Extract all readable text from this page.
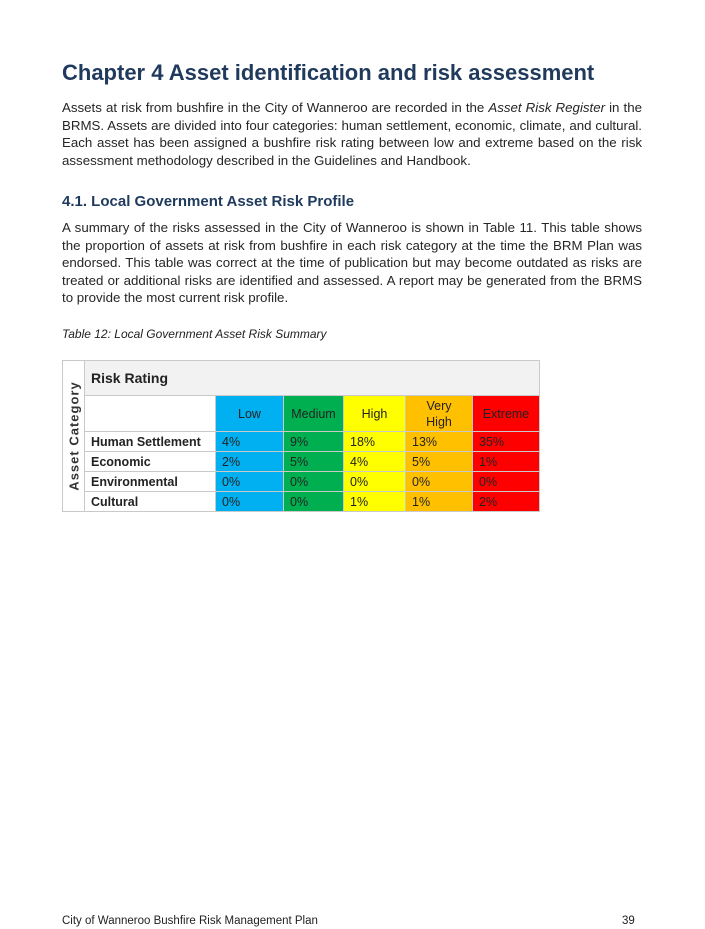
Chapter 4 Asset identification and risk assessment

Assets at risk from bushfire in the City of Wanneroo are recorded in the Asset Risk Register in the BRMS. Assets are divided into four categories: human settlement, economic, climate, and cultural. Each asset has been assigned a bushfire risk rating between low and extreme based on the risk assessment methodology described in the Guidelines and Handbook.

4.1. Local Government Asset Risk Profile

A summary of the risks assessed in the City of Wanneroo is shown in Table 11. This table shows the proportion of assets at risk from bushfire in each risk category at the time the BRM Plan was endorsed. This table was correct at the time of publication but may become outdated as risks are treated or additional risks are identified and assessed. A report may be generated from the BRMS to provide the most current risk profile.

Table 12: Local Government Asset Risk Summary

Asset Category	Risk Rating					
		Low	Medium	High	Very High	Extreme
	Human Settlement	4%	9%	18%	13%	35%
	Economic	2%	5%	4%	5%	1%
	Environmental	0%	0%	0%	0%	0%
	Cultural	0%	0%	1%	1%	2%
City of Wanneroo Bushfire Risk Management Plan	39
